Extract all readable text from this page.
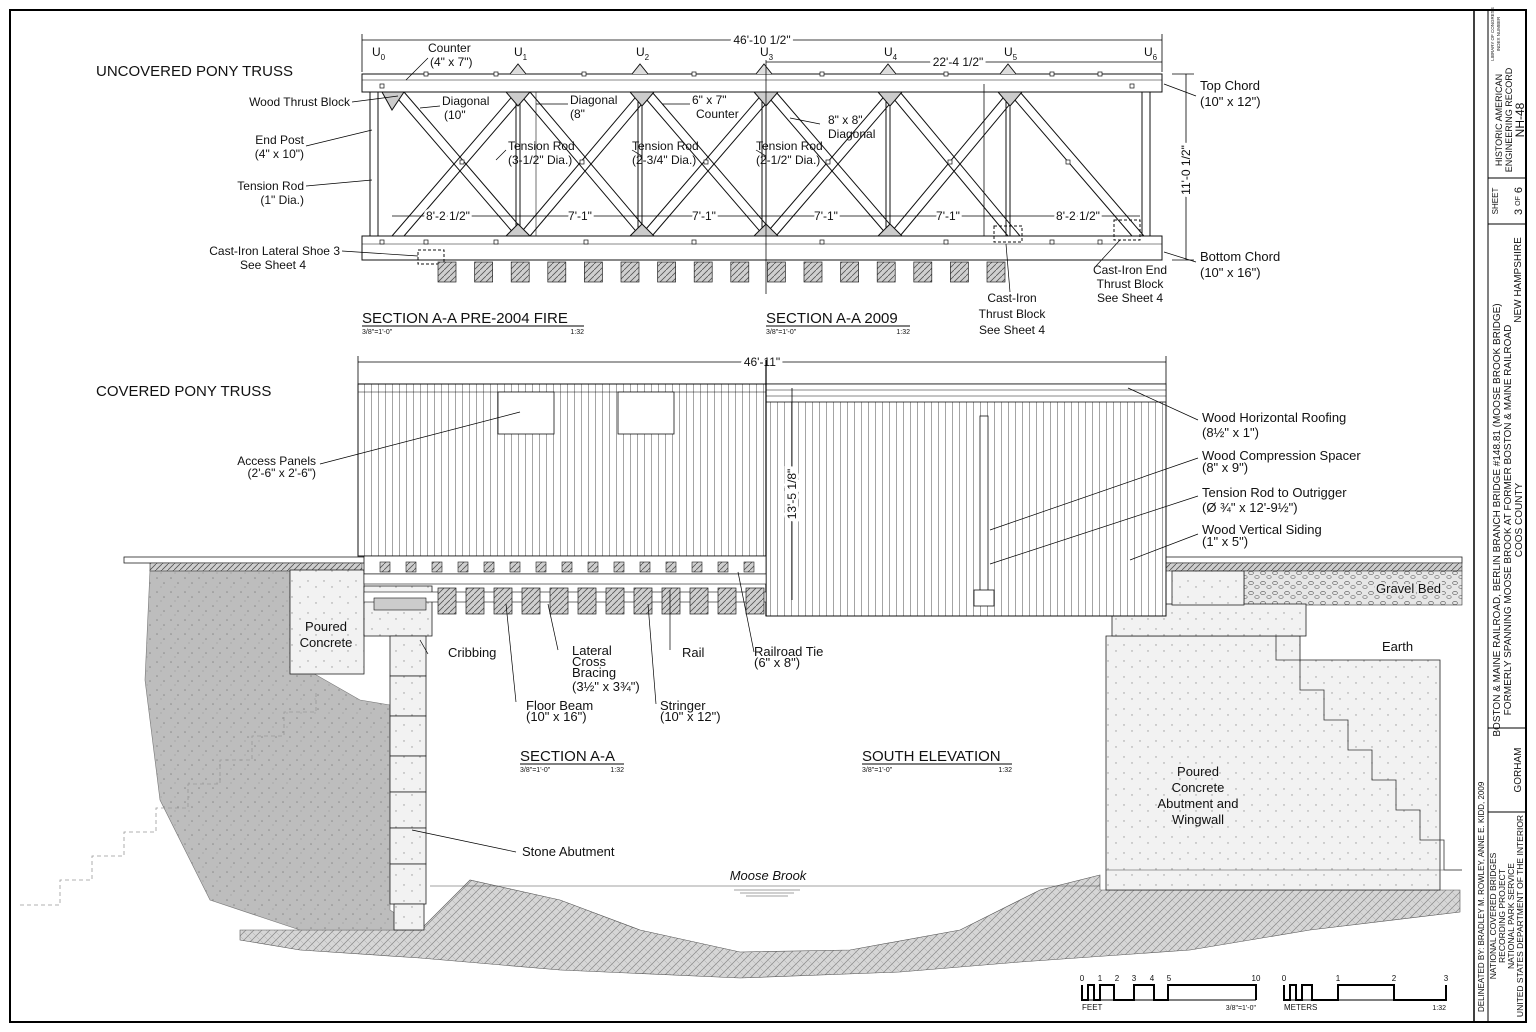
UNCOVERED PONY TRUSS
46'-10 1/2"
22'-4 1/2"
$U_0$	$U_1$	$U_2$	$U_3$	$U_4$	$U_5$	$U_6$
8'-2 1/2"	7'-1"	7'-1"	7'-1"	7'-1"	8'-2 1/2"
11'-0 1/2"
Counter (4" x 7")
Wood Thrust Block	Diagonal (10"
Diagonal (8"
6" x 7" Counter	8" x 8" Diagonal
End Post (4" x 10")
Tension Rod (3-1/2" Dia.)
Tension Rod (2-3/4" Dia.)
Tension Rod (2-1/2" Dia.)
Tension Rod (1" Dia.)
Top Chord (10" x 12")
Bottom Chord (10" x 16")
Cast-Iron Lateral Shoe 3 See Sheet 4	Cast-Iron End Thrust Block See Sheet 4
Cast-Iron Thrust Block See Sheet 4
SECTION A-A PRE-2004 FIRE
3/8"=1'-0"	1:32
SECTION A-A 2009
3/8"=1'-0"	1:32
COVERED PONY TRUSS
46'-11"
13'-5 1/8"
Access Panels (2'-6" x 2'-6")
Wood Horizontal Roofing (8½" x 1")
Wood Compression Spacer (8" x 9")
Tension Rod to Outrigger (Ø ¾" x 12'-9½")
Wood Vertical Siding (1" x 5")
Gravel Bed
Earth
Poured Concrete
Cribbing	Lateral Cross Bracing (3½" x 3¾")
Rail	Railroad Tie (6" x 8")
Floor Beam (10" x 16")
Stringer (10" x 12")
Poured Concrete Abutment and Wingwall
Stone Abutment
Moose Brook
SECTION A-A
3/8"=1'-0"	1:32
SOUTH ELEVATION
3/8"=1'-0"	1:32
0 1 2 3 4 5	10
FEET	3/8"=1'-0"
0	1	2	3
METERS	1:32
LIBRARY OF CONGRESS INDEX NUMBER
HISTORIC AMERICAN ENGINEERING RECORD NH-48
SHEET 3OF6
NEW HAMPSHIRE
BOSTON & MAINE RAILROAD, BERLIN BRANCH BRIDGE #148.81 (MOOSE BROOK BRIDGE) FORMERLY SPANNING MOOSE BROOK AT FORMER BOSTON & MAINE RAILROAD COOS COUNTY
GORHAM
NATIONAL COVERED BRIDGES RECORDING PROJECT NATIONAL PARK SERVICE UNITED STATES DEPARTMENT OF THE INTERIOR
DELINEATED BY: BRADLEY M. ROWLEY, ANNE E. KIDD, 2009
